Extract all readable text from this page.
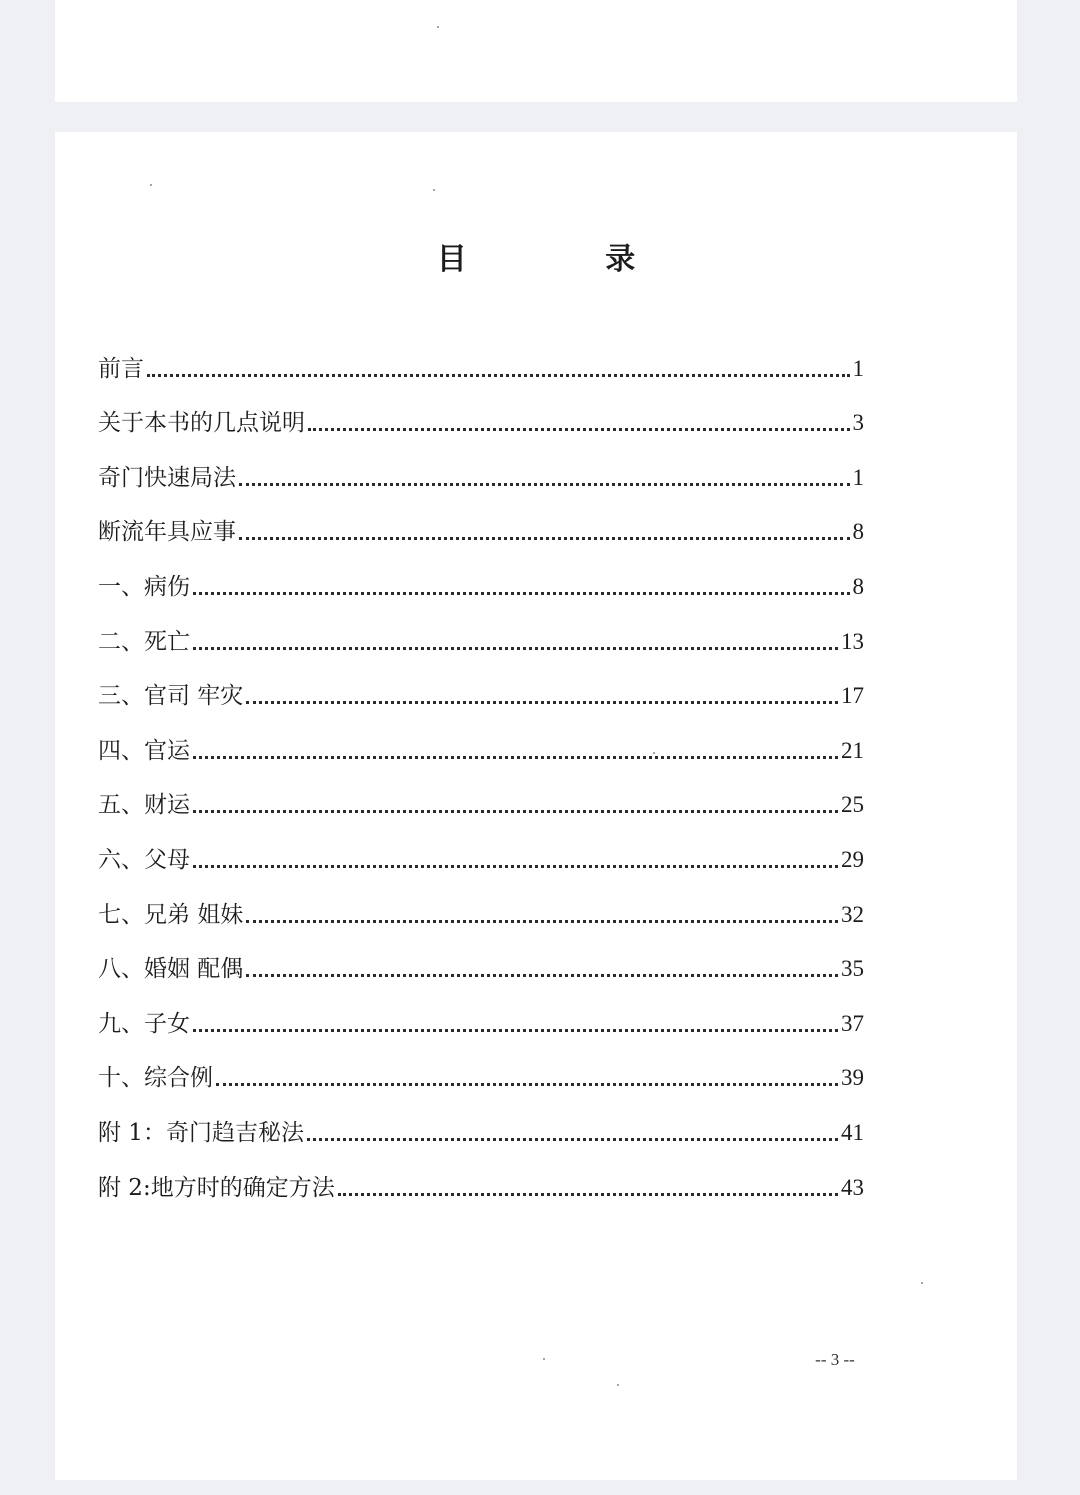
目 录
前言	1
关于本书的几点说明	3
奇门快速局法	1
断流年具应事	8
一、病伤	8
二、死亡	13
三、官司 牢灾	17
四、官运	21
五、财运	25
六、父母	29
七、兄弟 姐妹	32
八、婚姻 配偶	35
九、子女	37
十、综合例	39
附 1：奇门趋吉秘法	41
附 2:地方时的确定方法	43
-- 3 --
